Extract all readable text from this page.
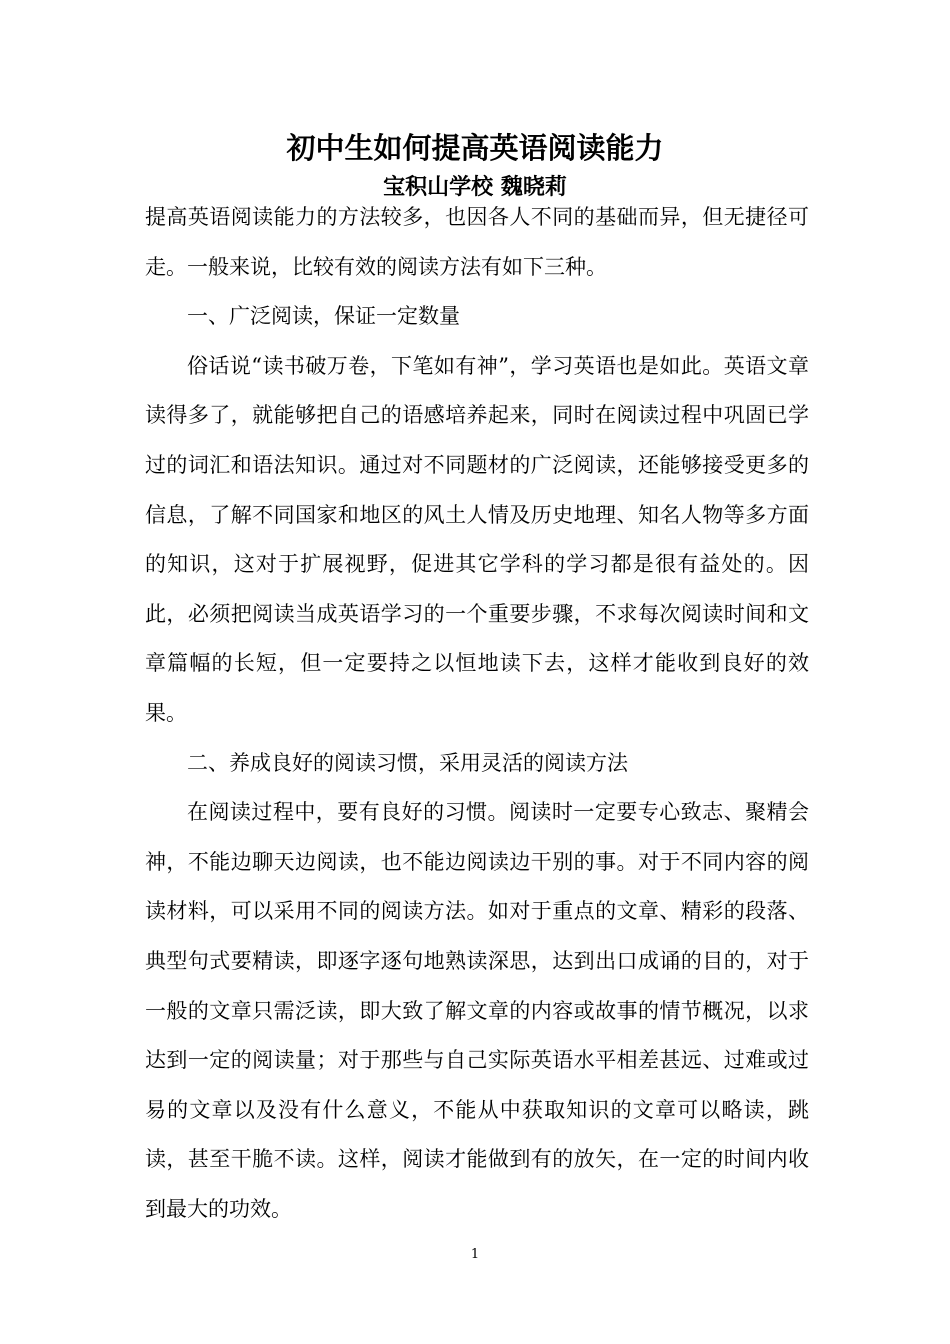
初中生如何提高英语阅读能力
宝积山学校 魏晓莉

提高英语阅读能力的方法较多，也因各人不同的基础而异，但无捷径可走。一般来说，比较有效的阅读方法有如下三种。

一、广泛阅读，保证一定数量

俗话说“读书破万卷，下笔如有神”，学习英语也是如此。英语文章读得多了，就能够把自己的语感培养起来，同时在阅读过程中巩固已学过的词汇和语法知识。通过对不同题材的广泛阅读，还能够接受更多的信息，了解不同国家和地区的风土人情及历史地理、知名人物等多方面的知识，这对于扩展视野，促进其它学科的学习都是很有益处的。因此，必须把阅读当成英语学习的一个重要步骤，不求每次阅读时间和文章篇幅的长短，但一定要持之以恒地读下去，这样才能收到良好的效果。

二、养成良好的阅读习惯，采用灵活的阅读方法

在阅读过程中，要有良好的习惯。阅读时一定要专心致志、聚精会神，不能边聊天边阅读，也不能边阅读边干别的事。对于不同内容的阅读材料，可以采用不同的阅读方法。如对于重点的文章、精彩的段落、典型句式要精读，即逐字逐句地熟读深思，达到出口成诵的目的，对于一般的文章只需泛读，即大致了解文章的内容或故事的情节概况，以求达到一定的阅读量；对于那些与自己实际英语水平相差甚远、过难或过易的文章以及没有什么意义，不能从中获取知识的文章可以略读，跳读，甚至干脆不读。这样，阅读才能做到有的放矢，在一定的时间内收到最大的功效。

1
